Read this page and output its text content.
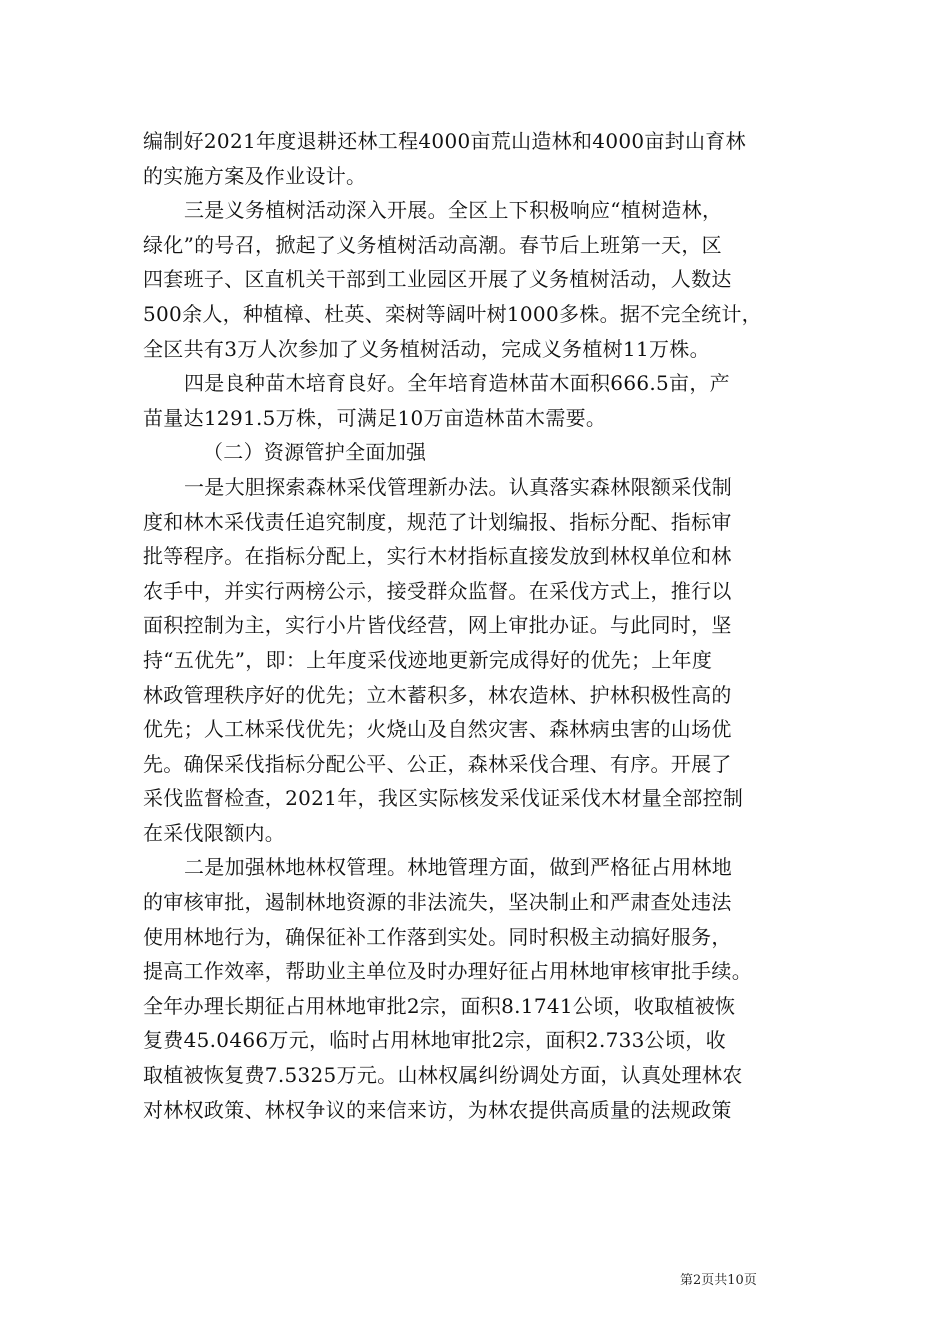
编制好2021年度退耕还林工程4000亩荒山造林和4000亩封山育林
的实施方案及作业设计。
三是义务植树活动深入开展。全区上下积极响应“植树造林，
绿化”的号召，掀起了义务植树活动高潮。春节后上班第一天，区
四套班子、区直机关干部到工业园区开展了义务植树活动，人数达
500余人，种植樟、杜英、栾树等阔叶树1000多株。据不完全统计，
全区共有3万人次参加了义务植树活动，完成义务植树11万株。
四是良种苗木培育良好。全年培育造林苗木面积666.5亩，产
苗量达1291.5万株，可满足10万亩造林苗木需要。
（二）资源管护全面加强
一是大胆探索森林采伐管理新办法。认真落实森林限额采伐制
度和林木采伐责任追究制度，规范了计划编报、指标分配、指标审
批等程序。在指标分配上，实行木材指标直接发放到林权单位和林
农手中，并实行两榜公示，接受群众监督。在采伐方式上，推行以
面积控制为主，实行小片皆伐经营，网上审批办证。与此同时，坚
持“五优先”，即：上年度采伐迹地更新完成得好的优先；上年度
林政管理秩序好的优先；立木蓄积多，林农造林、护林积极性高的
优先；人工林采伐优先；火烧山及自然灾害、森林病虫害的山场优
先。确保采伐指标分配公平、公正，森林采伐合理、有序。开展了
采伐监督检查，2021年，我区实际核发采伐证采伐木材量全部控制
在采伐限额内。
二是加强林地林权管理。林地管理方面，做到严格征占用林地
的审核审批，遏制林地资源的非法流失，坚决制止和严肃查处违法
使用林地行为，确保征补工作落到实处。同时积极主动搞好服务，
提高工作效率，帮助业主单位及时办理好征占用林地审核审批手续。
全年办理长期征占用林地审批2宗，面积8.1741公顷，收取植被恢
复费45.0466万元，临时占用林地审批2宗，面积2.733公顷，收
取植被恢复费7.5325万元。山林权属纠纷调处方面，认真处理林农
对林权政策、林权争议的来信来访，为林农提供高质量的法规政策
第2页共10页
